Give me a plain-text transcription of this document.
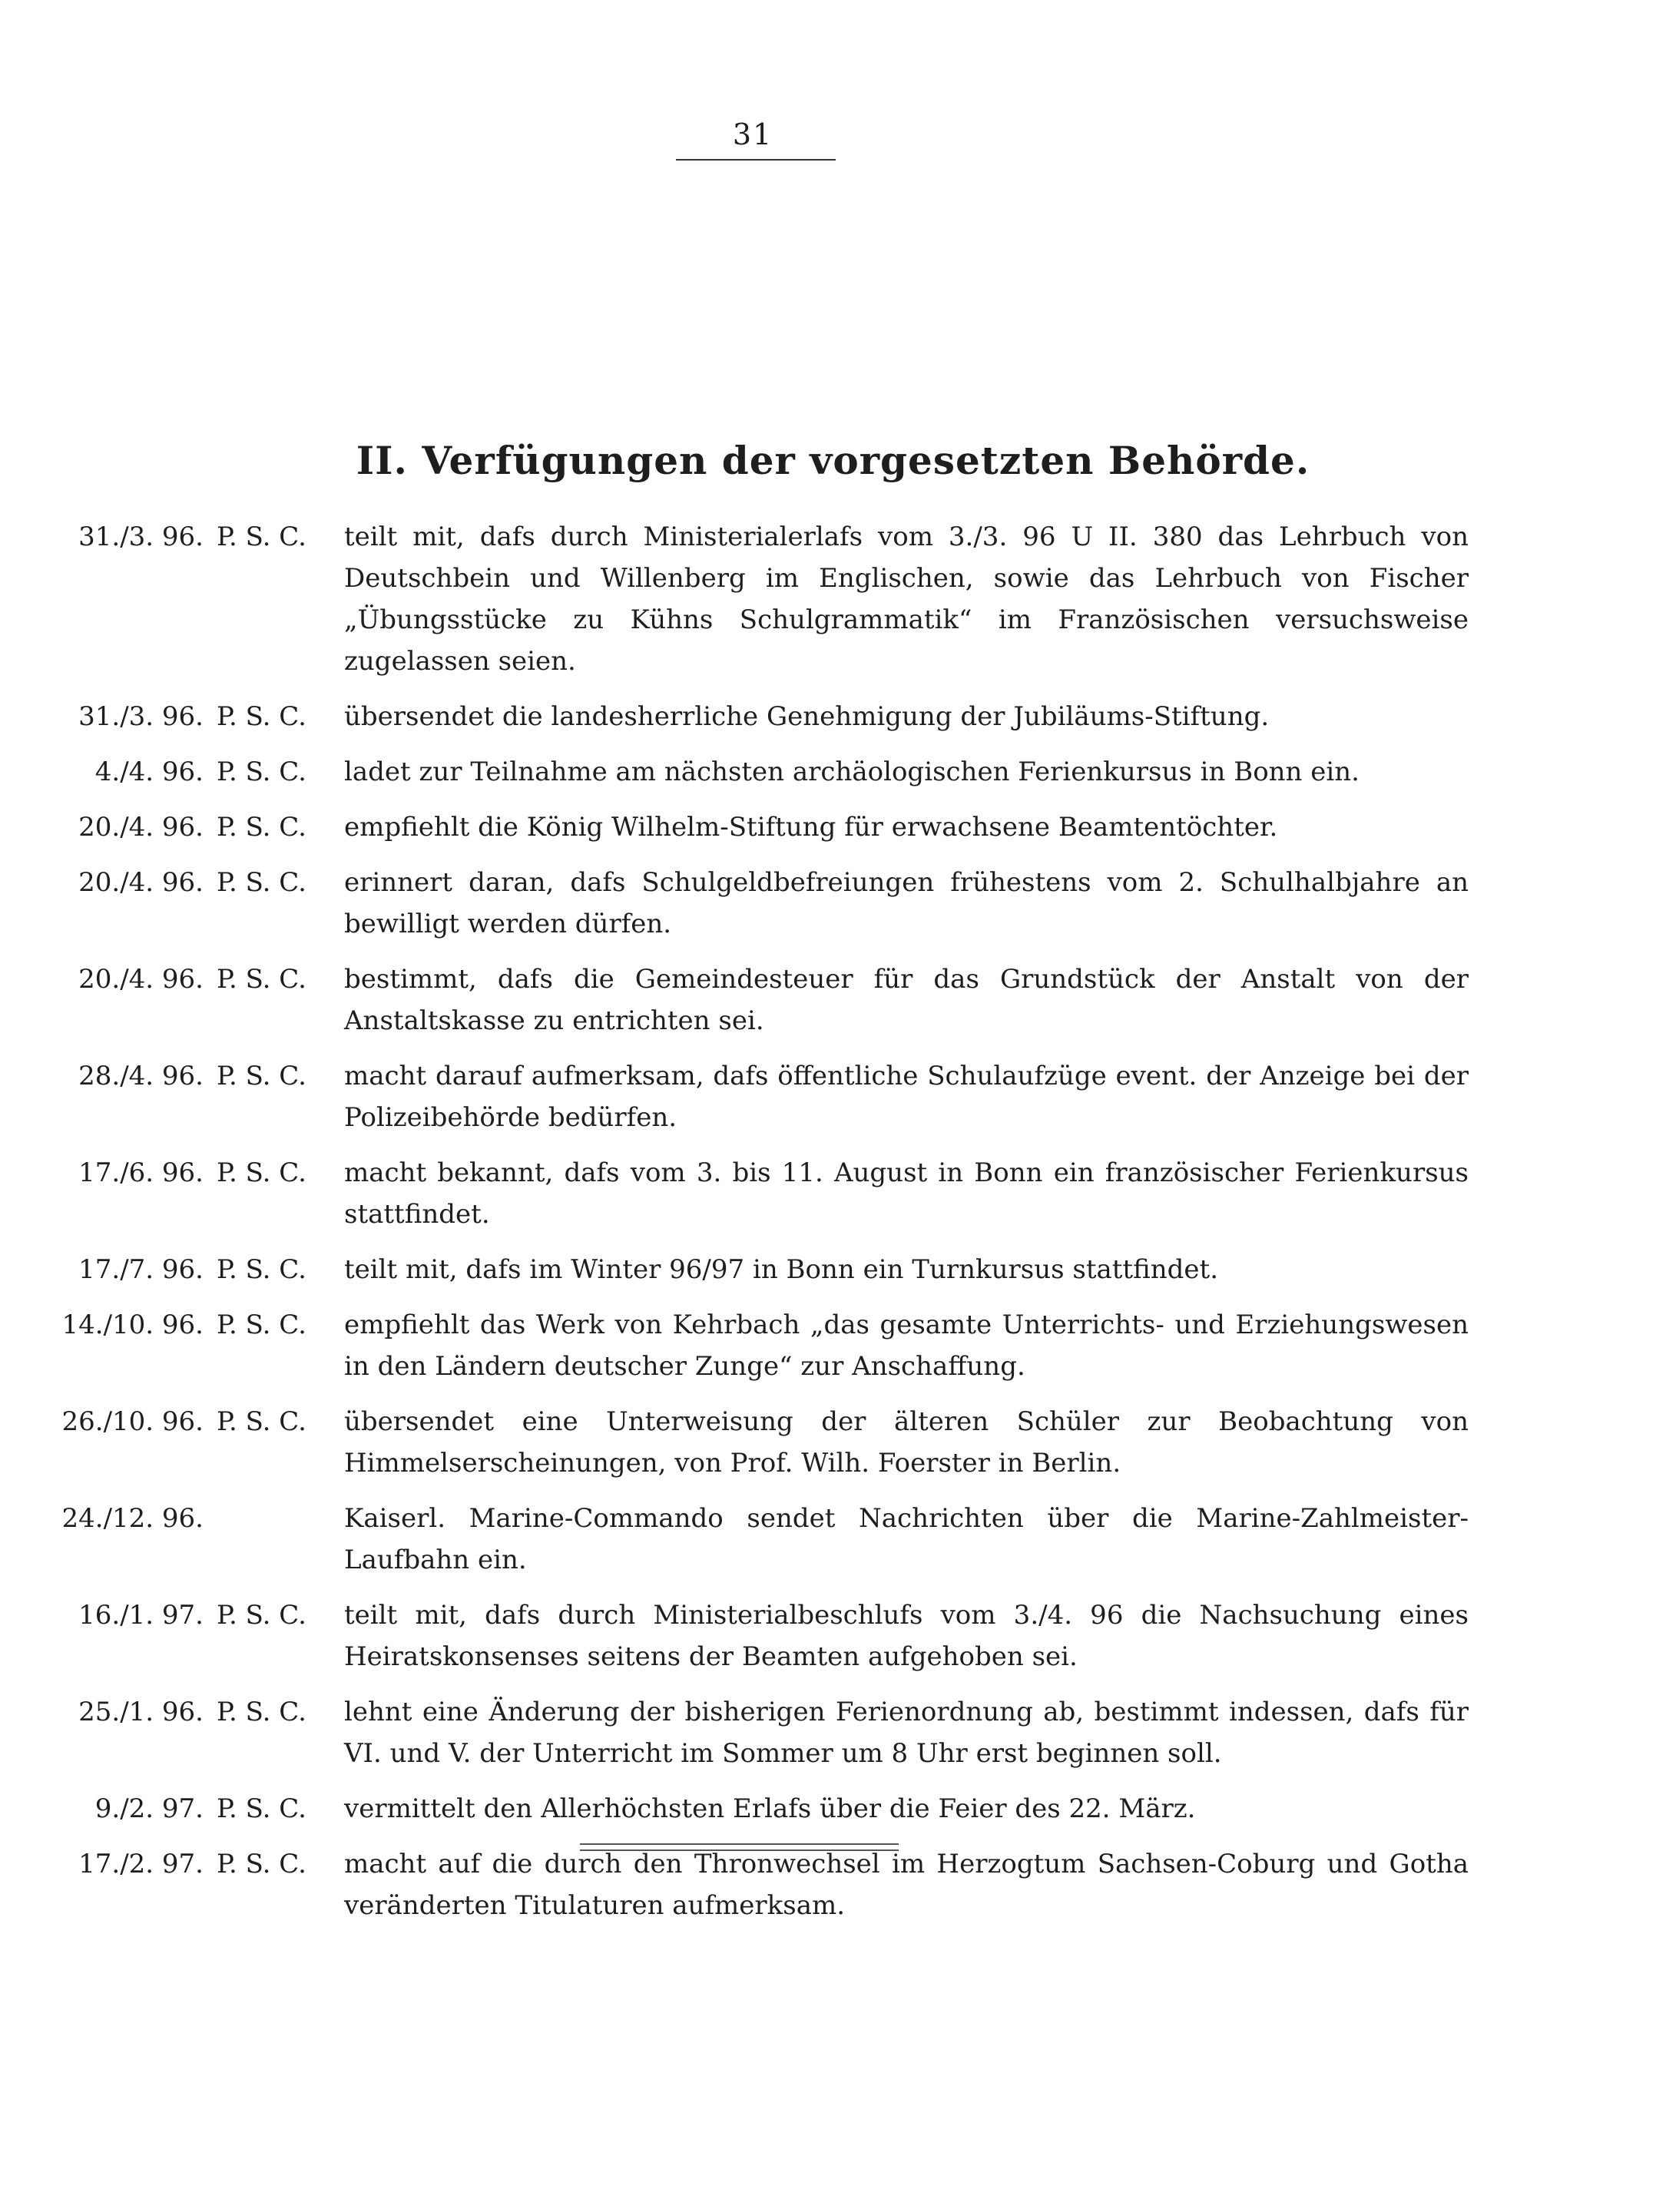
31
II. Verfügungen der vorgesetzten Behörde.
31./3. 96. P. S. C.	teilt mit, dafs durch Ministerialerlafs vom 3./3. 96 U II. 380 das Lehrbuch von Deutschbein und Willenberg im Englischen, sowie das Lehrbuch von Fischer „Übungsstücke zu Kühns Schulgrammatik“ im Französischen versuchsweise zugelassen seien.
31./3. 96. P. S. C.	übersendet die landesherrliche Genehmigung der Jubiläums-Stiftung.
4./4. 96. P. S. C.	ladet zur Teilnahme am nächsten archäologischen Ferienkursus in Bonn ein.
20./4. 96. P. S. C.	empfiehlt die König Wilhelm-Stiftung für erwachsene Beamtentöchter.
20./4. 96. P. S. C.	erinnert daran, dafs Schulgeldbefreiungen frühestens vom 2. Schulhalbjahre an bewilligt werden dürfen.
20./4. 96. P. S. C.	bestimmt, dafs die Gemeindesteuer für das Grundstück der Anstalt von der Anstaltskasse zu entrichten sei.
28./4. 96. P. S. C.	macht darauf aufmerksam, dafs öffentliche Schulaufzüge event. der Anzeige bei der Polizeibehörde bedürfen.
17./6. 96. P. S. C.	macht bekannt, dafs vom 3. bis 11. August in Bonn ein französischer Ferienkursus stattfindet.
17./7. 96. P. S. C.	teilt mit, dafs im Winter 96/97 in Bonn ein Turnkursus stattfindet.
14./10. 96. P. S. C.	empfiehlt das Werk von Kehrbach „das gesamte Unterrichts- und Erziehungswesen in den Ländern deutscher Zunge“ zur Anschaffung.
26./10. 96. P. S. C.	übersendet eine Unterweisung der älteren Schüler zur Beobachtung von Himmelserscheinungen, von Prof. Wilh. Foerster in Berlin.
24./12. 96.	Kaiserl. Marine-Commando sendet Nachrichten über die Marine-Zahlmeister-Laufbahn ein.
16./1. 97. P. S. C.	teilt mit, dafs durch Ministerialbeschlufs vom 3./4. 96 die Nachsuchung eines Heiratskonsenses seitens der Beamten aufgehoben sei.
25./1. 96. P. S. C.	lehnt eine Änderung der bisherigen Ferienordnung ab, bestimmt indessen, dafs für VI. und V. der Unterricht im Sommer um 8 Uhr erst beginnen soll.
9./2. 97. P. S. C.	vermittelt den Allerhöchsten Erlafs über die Feier des 22. März.
17./2. 97. P. S. C.	macht auf die durch den Thronwechsel im Herzogtum Sachsen-Coburg und Gotha veränderten Titulaturen aufmerksam.
